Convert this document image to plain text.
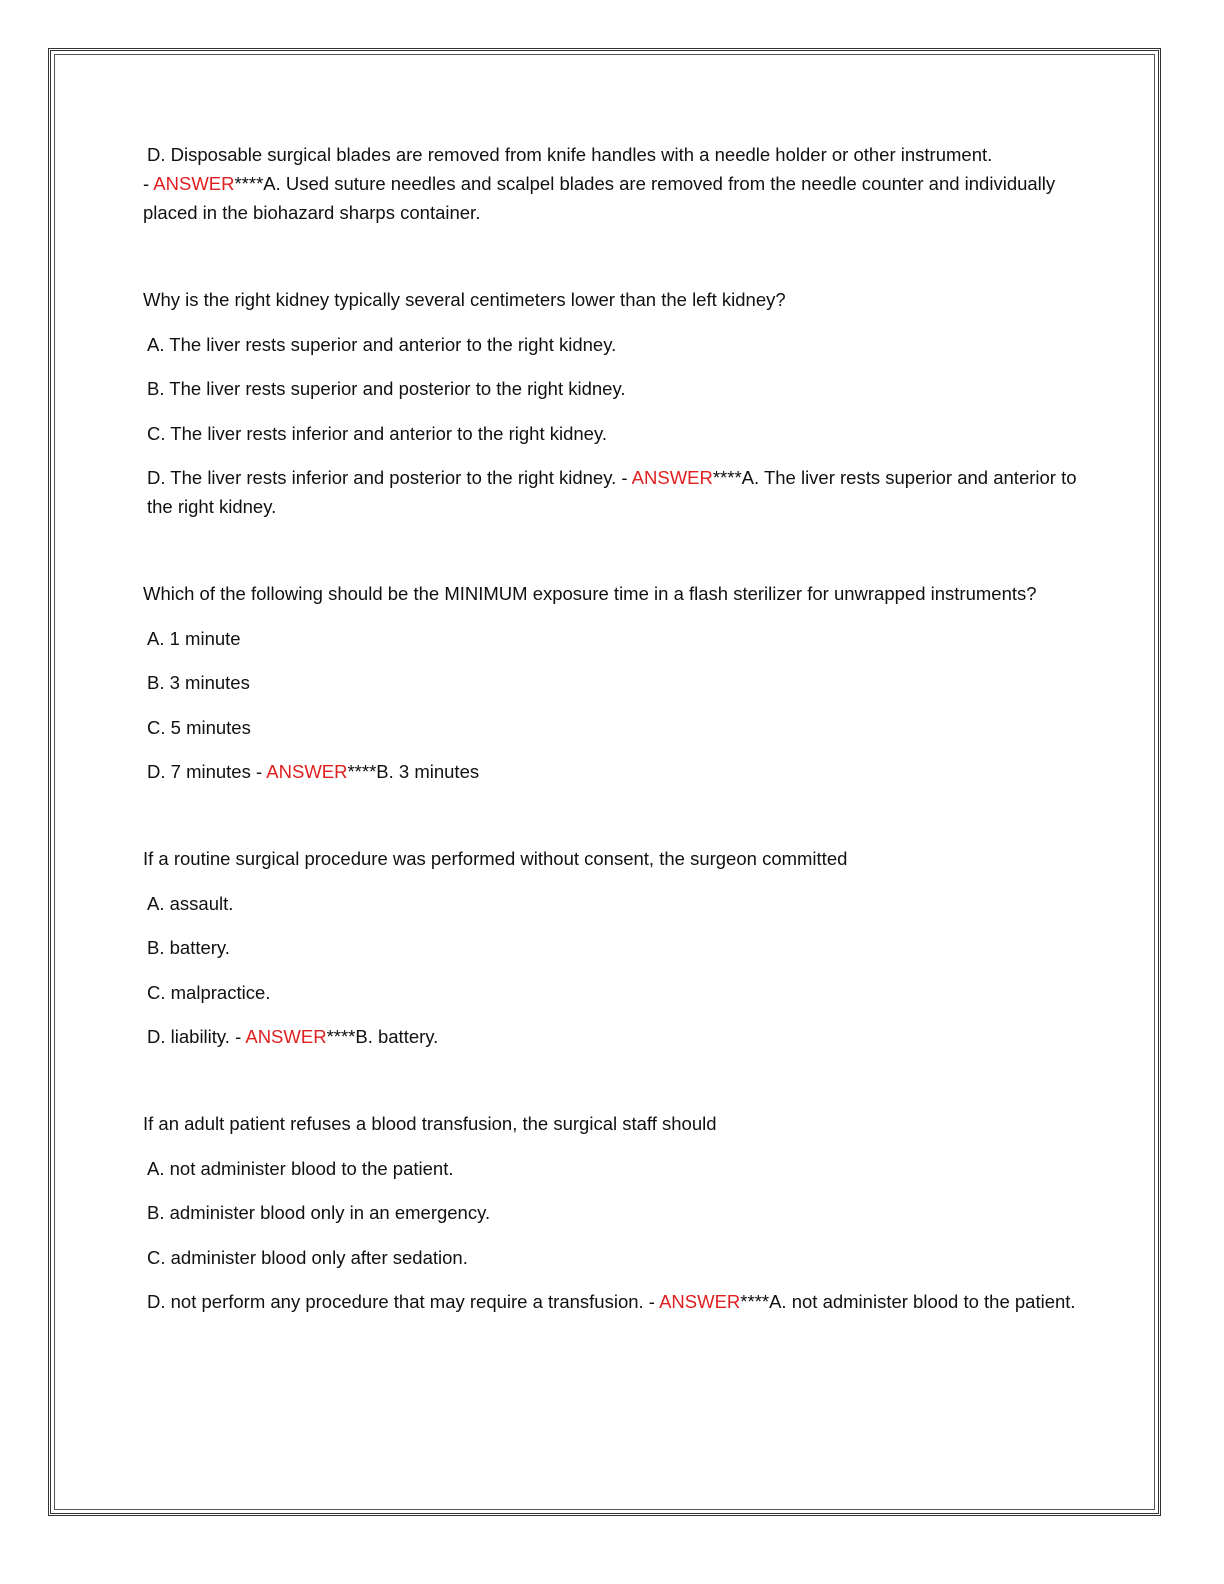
D. Disposable surgical blades are removed from knife handles with a needle holder or other instrument.

- ANSWER****A. Used suture needles and scalpel blades are removed from the needle counter and individually placed in the biohazard sharps container.

Why is the right kidney typically several centimeters lower than the left kidney?

A. The liver rests superior and anterior to the right kidney.

B. The liver rests superior and posterior to the right kidney.

C. The liver rests inferior and anterior to the right kidney.

D. The liver rests inferior and posterior to the right kidney. - ANSWER****A. The liver rests superior and anterior to the right kidney.

Which of the following should be the MINIMUM exposure time in a flash sterilizer for unwrapped instruments?

A. 1 minute

B. 3 minutes

C. 5 minutes

D. 7 minutes - ANSWER****B. 3 minutes

If a routine surgical procedure was performed without consent, the surgeon committed

A. assault.

B. battery.

C. malpractice.

D. liability. - ANSWER****B. battery.

If an adult patient refuses a blood transfusion, the surgical staff should

A. not administer blood to the patient.

B. administer blood only in an emergency.

C. administer blood only after sedation.

D. not perform any procedure that may require a transfusion. - ANSWER****A. not administer blood to the patient.
